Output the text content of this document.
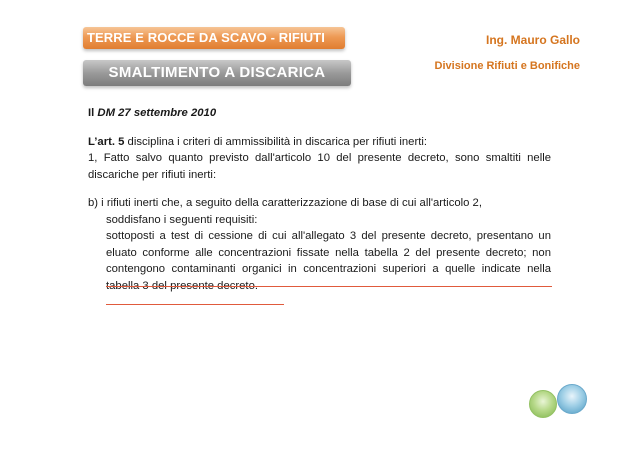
TERRE E ROCCE DA SCAVO - RIFIUTI
SMALTIMENTO A DISCARICA
Ing. Mauro Gallo
Divisione Rifiuti e Bonifiche

Il DM 27 settembre 2010

L’art. 5 disciplina i criteri di ammissibilità in discarica per rifiuti inerti:

1, Fatto salvo quanto previsto dall'articolo 10 del presente decreto, sono smaltiti nelle discariche per rifiuti inerti:

b) i rifiuti inerti che, a seguito della caratterizzazione di base di cui all'articolo 2,

soddisfano i seguenti requisiti:

sottoposti a test di cessione di cui all'allegato 3 del presente decreto, presentano un eluato conforme alle concentrazioni fissate nella tabella 2 del presente decreto; non contengono contaminanti organici in concentrazioni superiori a quelle indicate nella tabella 3 del presente decreto.
